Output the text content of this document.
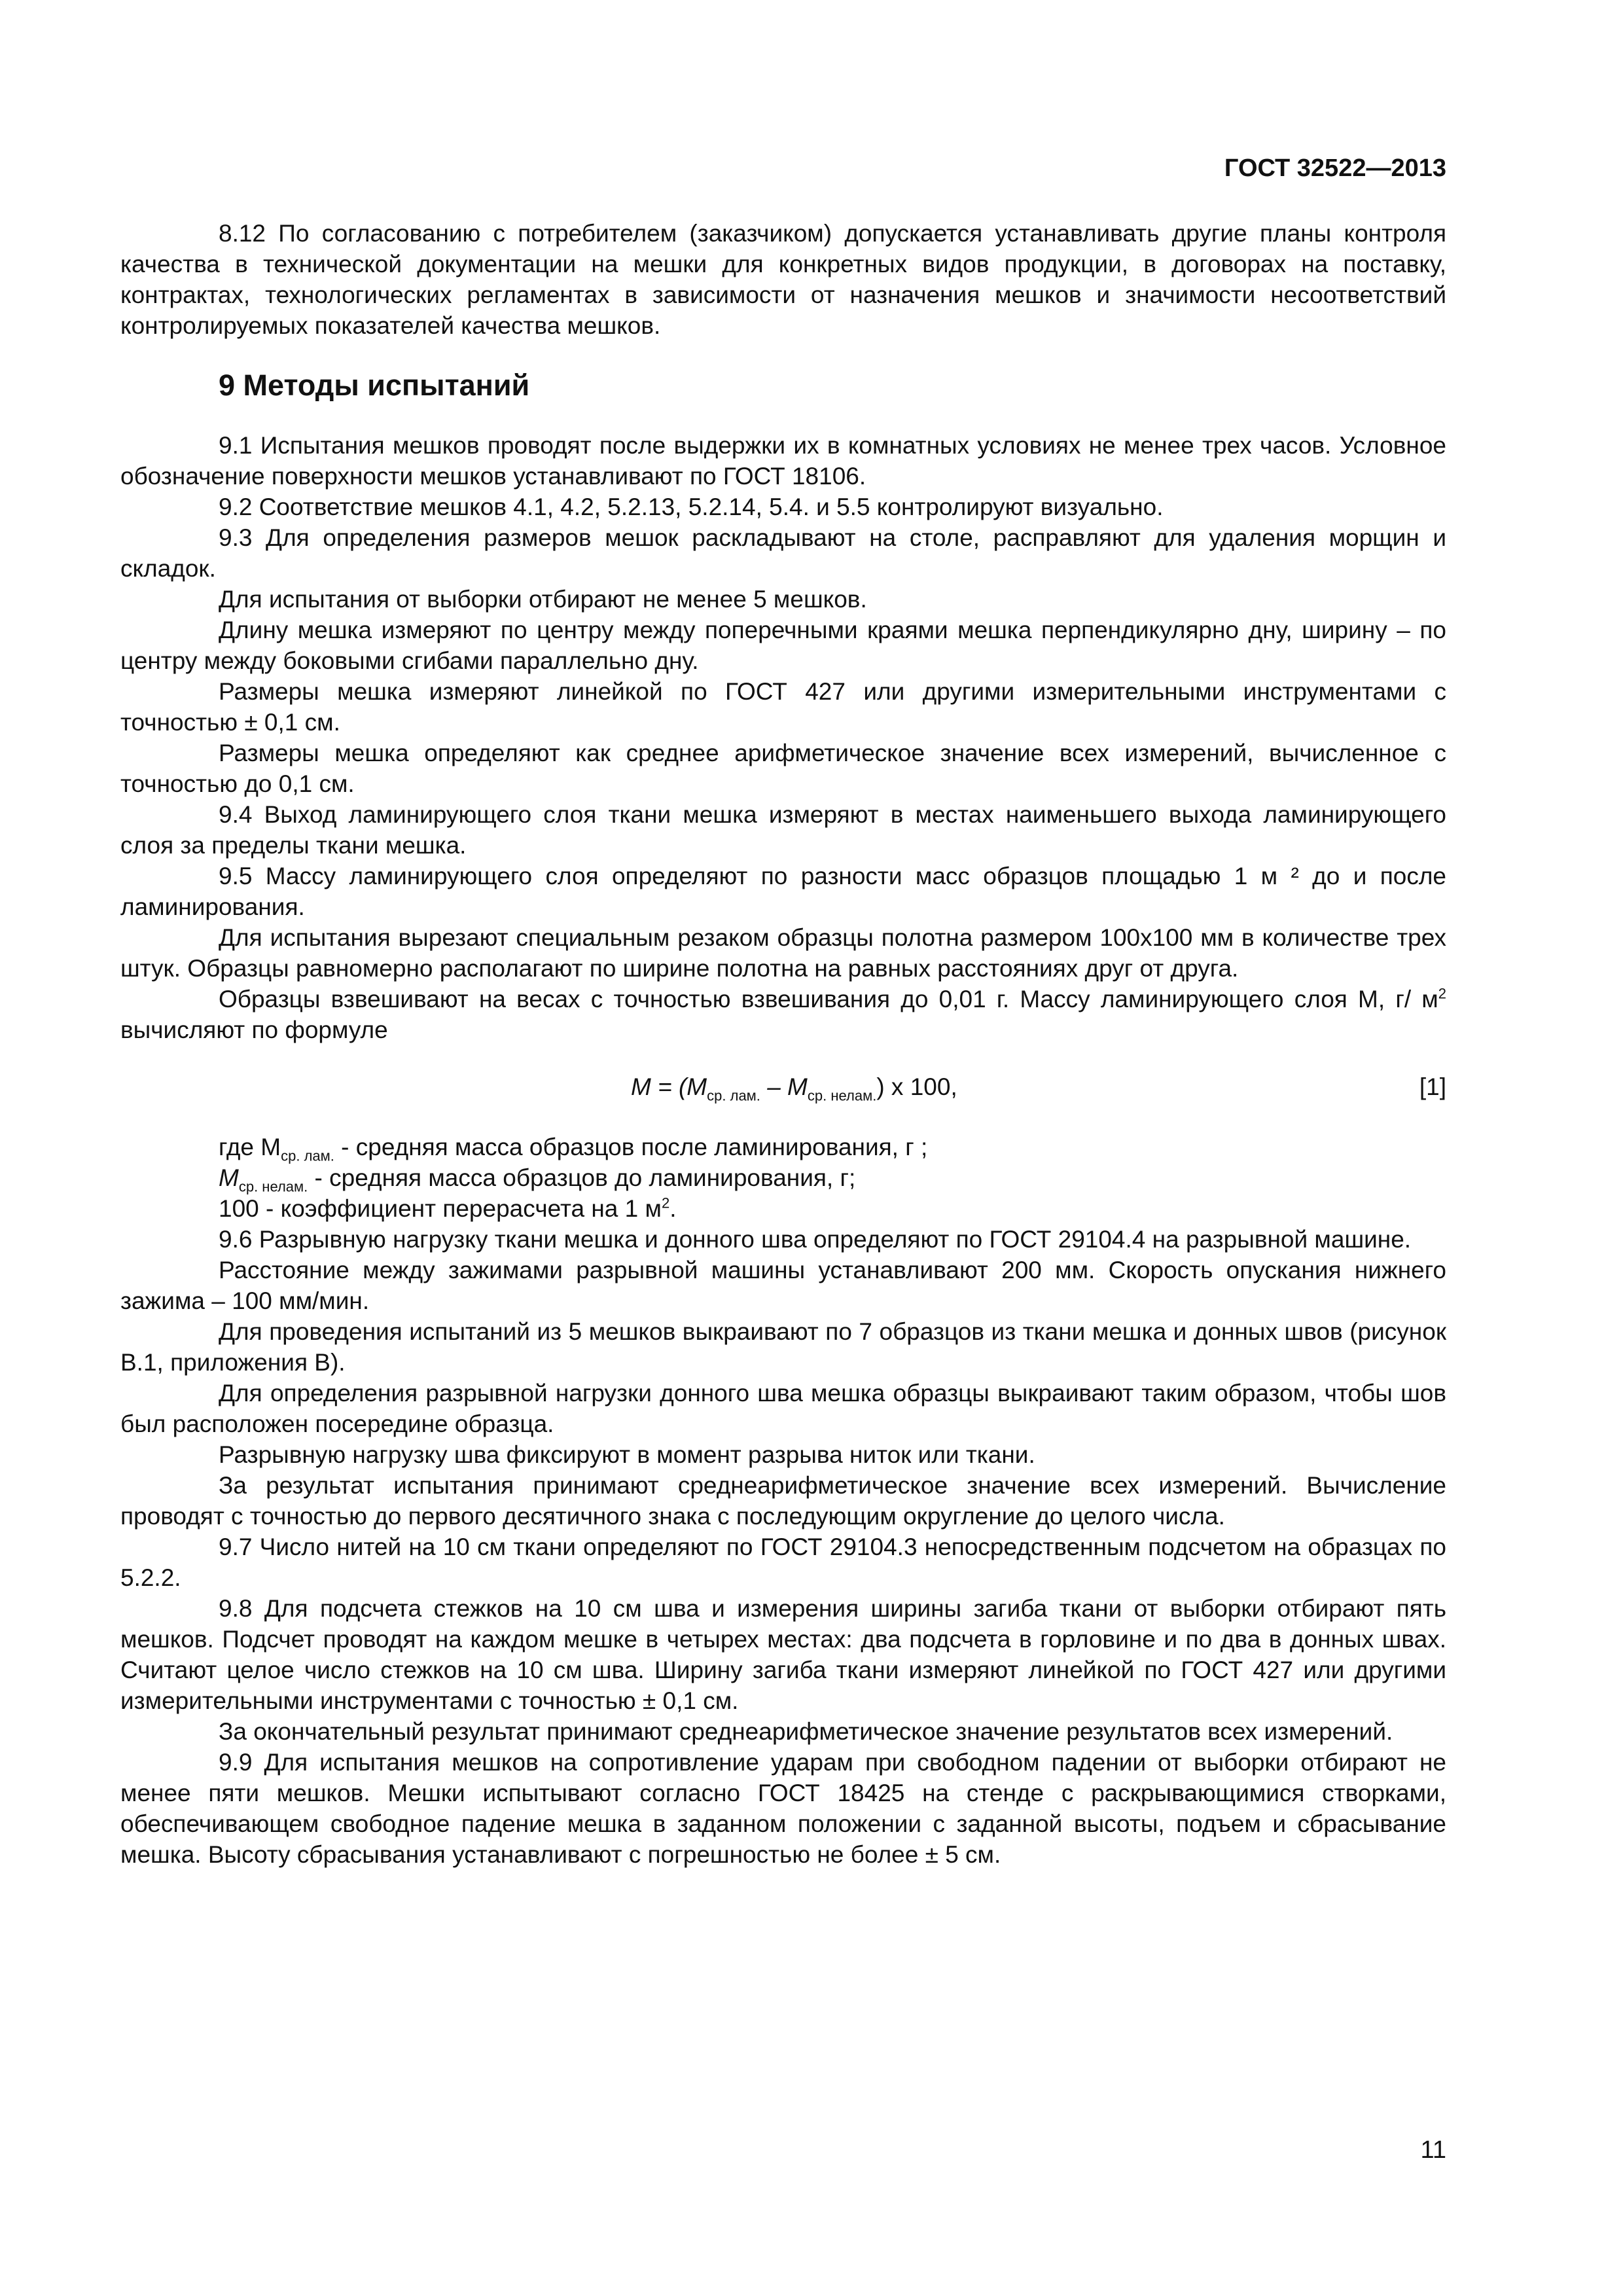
ГОСТ 32522—2013

8.12 По согласованию с потребителем (заказчиком) допускается устанавливать другие планы контроля качества в технической документации на мешки для конкретных видов продукции, в договорах на поставку, контрактах, технологических регламентах в зависимости от назначения мешков и значимости несоответствий контролируемых показателей качества мешков.

9 Методы испытаний

9.1 Испытания мешков проводят после выдержки их в комнатных условиях не менее трех часов. Условное обозначение поверхности мешков устанавливают по ГОСТ 18106.

9.2 Соответствие мешков 4.1, 4.2, 5.2.13, 5.2.14, 5.4. и 5.5 контролируют визуально.

9.3 Для определения размеров мешок раскладывают на столе, расправляют для удаления морщин и складок.

Для испытания от выборки отбирают не менее 5 мешков.

Длину мешка измеряют по центру между поперечными краями мешка перпендикулярно дну, ширину – по центру между боковыми сгибами параллельно дну.

Размеры мешка измеряют линейкой по ГОСТ 427 или другими измерительными инструментами с точностью ± 0,1 см.

Размеры мешка определяют как среднее арифметическое значение всех измерений, вычисленное с точностью до 0,1 см.

9.4 Выход ламинирующего слоя ткани мешка измеряют в местах наименьшего выхода ламинирующего слоя за пределы ткани мешка.

9.5 Массу ламинирующего слоя определяют по разности масс образцов площадью 1 м ² до и после ламинирования.

Для испытания вырезают специальным резаком образцы полотна размером 100х100 мм в количестве трех штук. Образцы равномерно располагают по ширине полотна на равных расстояниях друг от друга.

Образцы взвешивают на весах с точностью взвешивания до 0,01 г. Массу ламинирующего слоя М, г/ $м^2$ вычисляют по формуле

$M = (M_{ср. лам.} - M_{ср. нелам.})$ х 100,	[1]

где $М_{ср. лам.}$ - средняя масса образцов после ламинирования, г ;

$М_{ср. нелам.}$ - средняя масса образцов до ламинирования, г;

100 - коэффициент перерасчета на 1 $м^2$.

9.6 Разрывную нагрузку ткани мешка и донного шва определяют по ГОСТ 29104.4 на разрывной машине.

Расстояние между зажимами разрывной машины устанавливают 200 мм. Скорость опускания нижнего зажима – 100 мм/мин.

Для проведения испытаний из 5 мешков выкраивают по 7 образцов из ткани мешка и донных швов (рисунок В.1, приложения В).

Для определения разрывной нагрузки донного шва мешка образцы выкраивают таким образом, чтобы шов был расположен посередине образца.

Разрывную нагрузку шва фиксируют в момент разрыва ниток или ткани.

За результат испытания принимают среднеарифметическое значение всех измерений. Вычисление проводят с точностью до первого десятичного знака с последующим округление до целого числа.

9.7 Число нитей на 10 см ткани определяют по ГОСТ 29104.3 непосредственным подсчетом на образцах по 5.2.2.

9.8 Для подсчета стежков на 10 см шва и измерения ширины загиба ткани от выборки отбирают пять мешков. Подсчет проводят на каждом мешке в четырех местах: два подсчета в горловине и по два в донных швах. Считают целое число стежков на 10 см шва. Ширину загиба ткани измеряют линейкой по ГОСТ 427 или другими измерительными инструментами с точностью ± 0,1 см.

За окончательный результат принимают среднеарифметическое значение результатов всех измерений.

9.9 Для испытания мешков на сопротивление ударам при свободном падении от выборки отбирают не менее пяти мешков. Мешки испытывают согласно ГОСТ 18425 на стенде с раскрывающимися створками, обеспечивающем свободное падение мешка в заданном положении с заданной высоты, подъем и сбрасывание мешка. Высоту сбрасывания устанавливают с погрешностью не более ± 5 см.

11
